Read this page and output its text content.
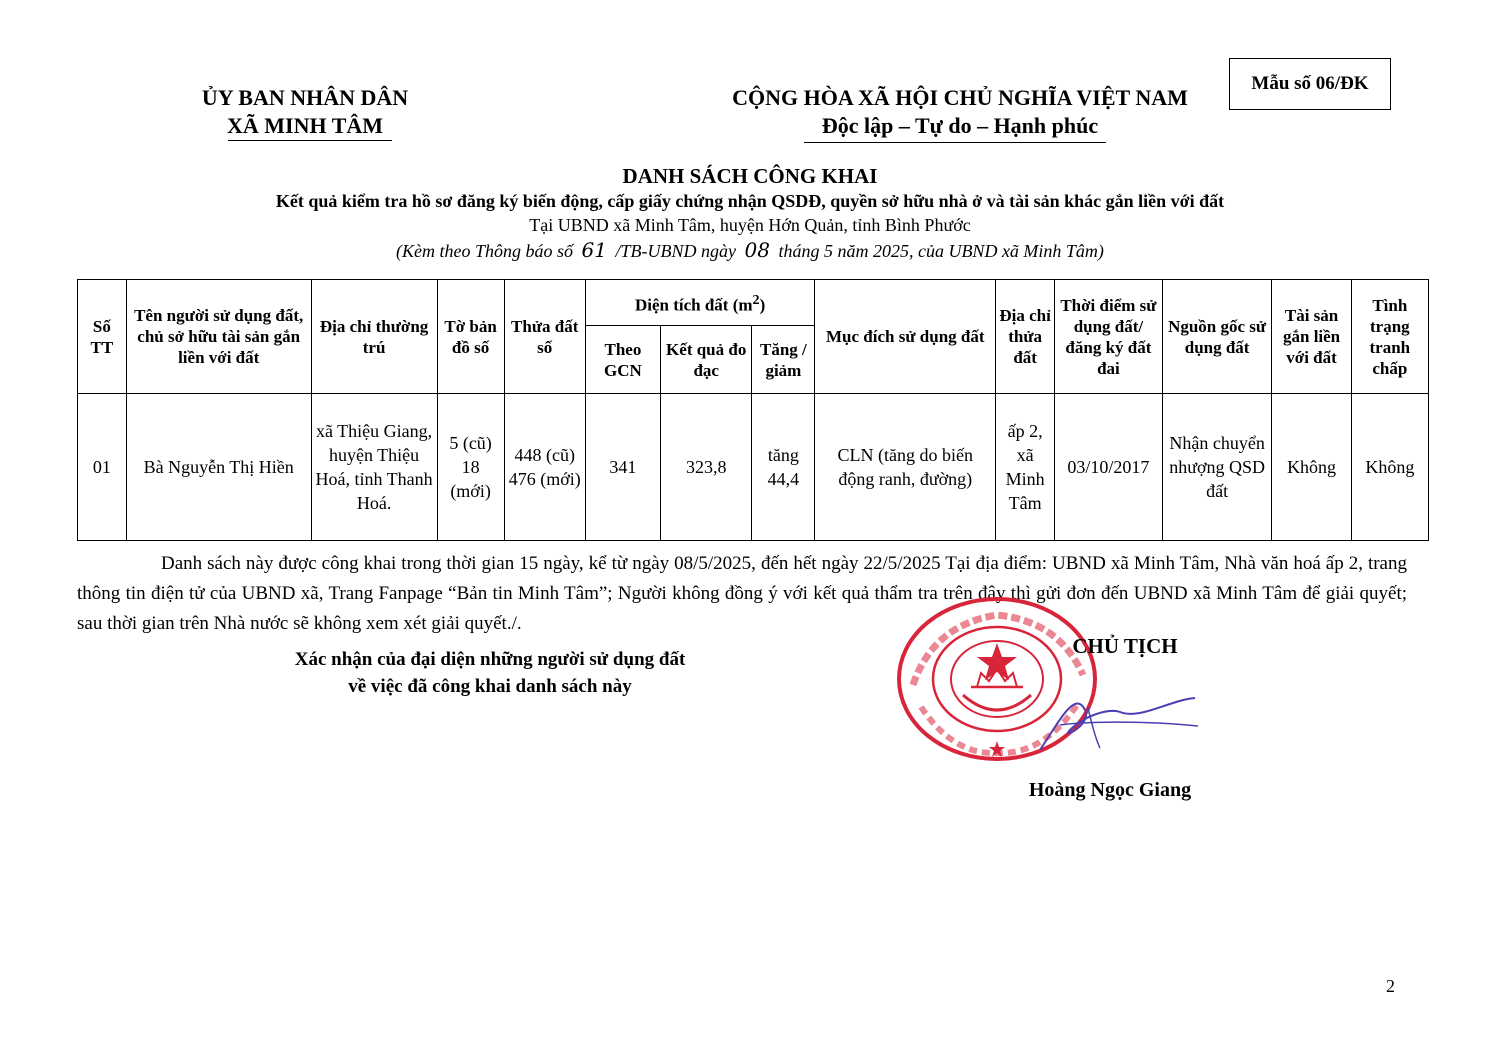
Mẫu số 06/ĐK
ỦY BAN NHÂN DÂN
XÃ MINH TÂM
CỘNG HÒA XÃ HỘI CHỦ NGHĨA VIỆT NAM
Độc lập – Tự do – Hạnh phúc
DANH SÁCH CÔNG KHAI
Kết quả kiểm tra hồ sơ đăng ký biến động, cấp giấy chứng nhận QSDĐ, quyền sở hữu nhà ở và tài sản khác gắn liền với đất
Tại UBND xã Minh Tâm, huyện Hớn Quản, tỉnh Bình Phước
(Kèm theo Thông báo số 61 /TB-UBND ngày 08 tháng 5 năm 2025, của UBND xã Minh Tâm)
Số TT	Tên người sử dụng đất, chủ sở hữu tài sản gắn liền với đất	Địa chỉ thường trú	Tờ bản đồ số	Thửa đất số	Diện tích đất $(m^2)$			Mục đích sử dụng đất	Địa chỉ thửa đất	Thời điểm sử dụng đất/đăng ký đất đai	Nguồn gốc sử dụng đất	Tài sản gắn liền với đất	Tình trạng tranh chấp
					Theo GCN	Kết quả đo đạc	Tăng / giảm						
01	Bà Nguyễn Thị Hiền	xã Thiệu Giang, huyện Thiệu Hoá, tỉnh Thanh Hoá.	5 (cũ) 18 (mới)	448 (cũ) 476 (mới)	341	323,8	tăng 44,4	CLN (tăng do biến động ranh, đường)	ấp 2, xã Minh Tâm	03/10/2017	Nhận chuyển nhượng QSD đất	Không	Không
Danh sách này được công khai trong thời gian 15 ngày, kể từ ngày 08/5/2025, đến hết ngày 22/5/2025 Tại địa điểm: UBND xã Minh Tâm, Nhà văn hoá ấp 2, trang thông tin điện tử của UBND xã, Trang Fanpage “Bản tin Minh Tâm”; Người không đồng ý với kết quả thẩm tra trên đây thì gửi đơn đến UBND xã Minh Tâm để giải quyết; sau thời gian trên Nhà nước sẽ không xem xét giải quyết./.
Xác nhận của đại diện những người sử dụng đất
về việc đã công khai danh sách này
CHỦ TỊCH
Hoàng Ngọc Giang
2
